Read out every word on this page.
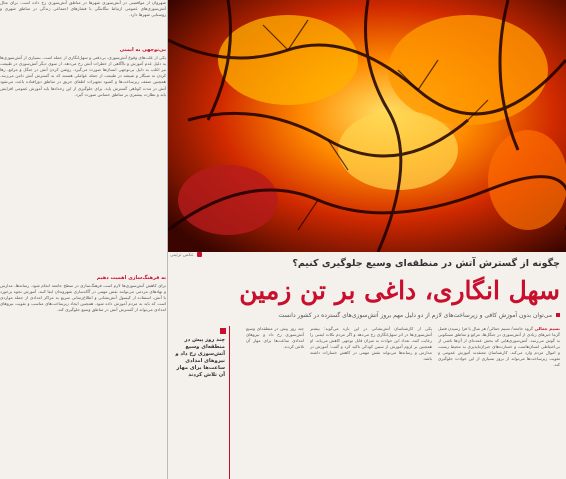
شهروان از مواقعیتی در آتش‌سوزی شهرها در مناطق آتش‌سوزی رخ داده است. برای مثال آتش‌سوزی‌های عمومی ارتباط تنگاتنگی با فشارهای اجتماعی زندگی در مناطق شهری و روستایی شهرها دارد.
بی‌توجهی به ایمنی
یکی از علت‌های وقوع آتش‌سوزی، بی‌دقتی و سهل‌انگاری از جمله است. بسیاری از آتش‌سوزی‌ها به دلیل عدم آموزش و ناآگاهی از خطرات آتش رخ می‌دهد. از سوی دیگر آتش‌سوزی در طبیعت نیز اغلب به دلیل بی‌توجهی انسان‌ها صورت می‌گیرد. روشن کردن آتش در جنگل و مراتع، رها کردن ته سیگار و شیشه در طبیعت از جمله عواملی هستند که به گسترش آتش دامن می‌زنند. همچنین ضعف زیرساخت‌ها و کمبود تجهیزات اطفای حریق در مناطق دورافتاده باعث می‌شود آتش در مدت کوتاهی گسترش یابد. برای جلوگیری از این رخدادها باید آموزش عمومی افزایش یابد و نظارت بیشتری بر مناطق حساس صورت گیرد.
به فرهنگ‌سازی اهمیت دهیم
برای کاهش آتش‌سوزی‌ها لازم است فرهنگ‌سازی در سطح جامعه انجام شود. رسانه‌ها، مدارس و نهادهای مردمی می‌توانند نقش مهمی در آگاه‌سازی شهروندان ایفا کنند. آموزش نحوه برخورد با آتش، استفاده از کپسول آتش‌نشانی و اطلاع‌رسانی سریع به مراکز امدادی از جمله مواردی است که باید به مردم آموزش داده شود. همچنین ایجاد زیرساخت‌های مناسب و تقویت نیروهای امدادی می‌تواند از گسترش آتش در مناطق وسیع جلوگیری کند.
عکس تزئینی
چگونه از گسترش آتش در منطقه‌ای وسیع جلوگیری کنیم؟
سهل انگاری، داغی بر تن زمین
می‌توان بدون آموزش کافی و زیرساخت‌های لازم از دو دلیل مهم بروز آتش‌سوزی‌های گسترده در کشور دانست
نسیم جمالی گروه جامعه/ نسیم جمالی/ هر سال با فرا رسیدن فصل گرما خبرهای زیادی از آتش‌سوزی در جنگل‌ها، مراتع و مناطق مسکونی به گوش می‌رسد. آتش‌سوزی‌هایی که بخش عمده‌ای از آن‌ها ناشی از بی‌احتیاطی انسان‌هاست و خسارت‌های جبران‌ناپذیری به محیط زیست و اموال مردم وارد می‌کند. کارشناسان معتقدند آموزش عمومی و تقویت زیرساخت‌ها می‌تواند از بروز بسیاری از این حوادث جلوگیری کند.
یکی از کارشناسان آتش‌نشانی در این باره می‌گوید: بیشتر آتش‌سوزی‌ها در اثر سهل‌انگاری رخ می‌دهد و اگر مردم نکات ایمنی را رعایت کنند، تعداد این حوادث به میزان قابل توجهی کاهش می‌یابد. او همچنین بر لزوم آموزش از سنین کودکی تاکید کرد و گفت: آموزش در مدارس و رسانه‌ها می‌تواند نقش مهمی در کاهش خسارات داشته باشد.
چند روز پیش در منطقه‌ای وسیع آتش‌سوزی رخ داد و نیروهای امدادی ساعت‌ها برای مهار آن تلاش کردند.
چند روز پیش در منطقه‌ای وسیع آتش‌سوزی رخ داد و نیروهای امدادی ساعت‌ها برای مهار آن تلاش کردند
